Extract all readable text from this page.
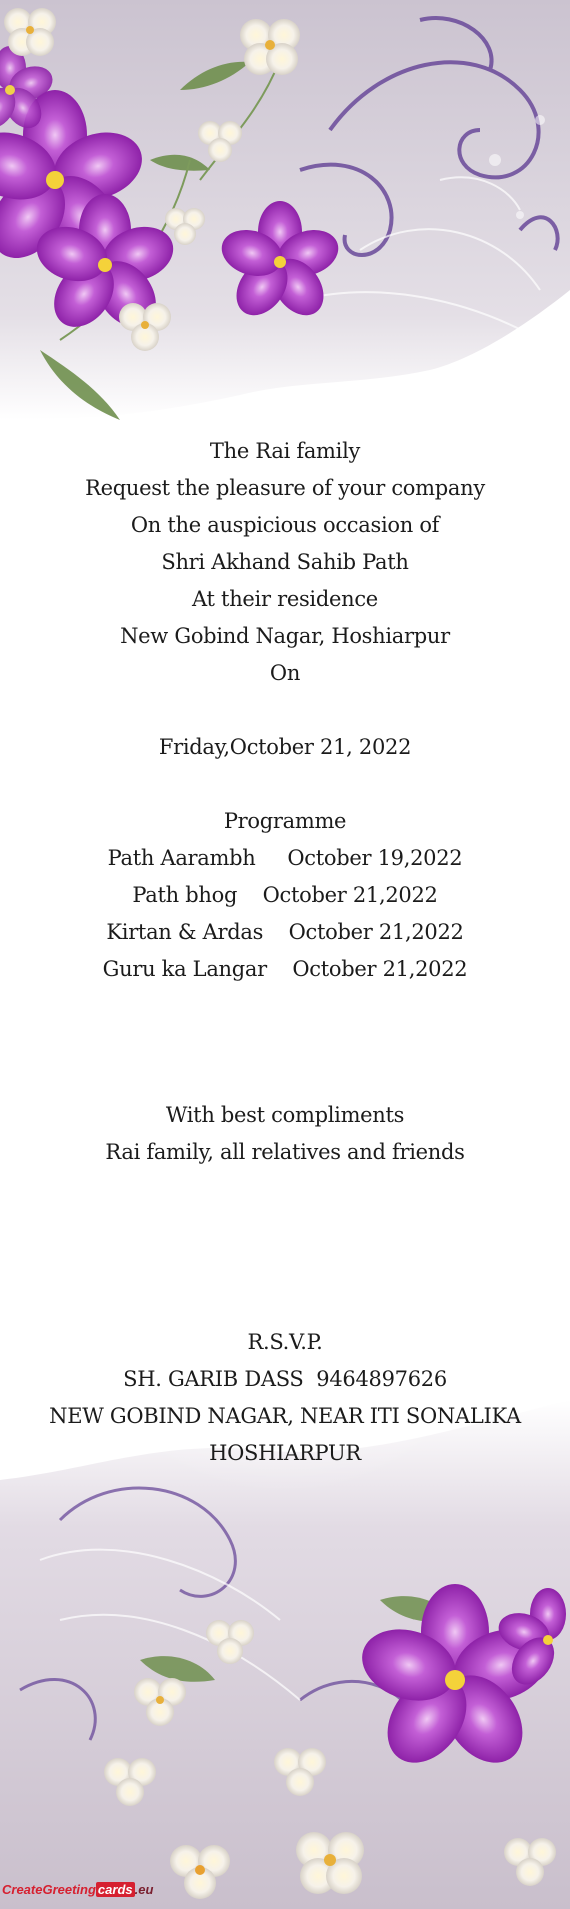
The Rai family
Request the pleasure of your company
On the auspicious occasion of
Shri Akhand Sahib Path
At their residence
New Gobind Nagar, Hoshiarpur
On
Friday,October 21, 2022
Programme
Path Aarambh     October 19,2022
Path bhog    October 21,2022
Kirtan & Ardas    October 21,2022
Guru ka Langar    October 21,2022
With best compliments
Rai family, all relatives and friends
R.S.V.P.
SH. GARIB DASS  9464897626
NEW GOBIND NAGAR, NEAR ITI SONALIKA
HOSHIARPUR
CreateGreeting cards .eu
